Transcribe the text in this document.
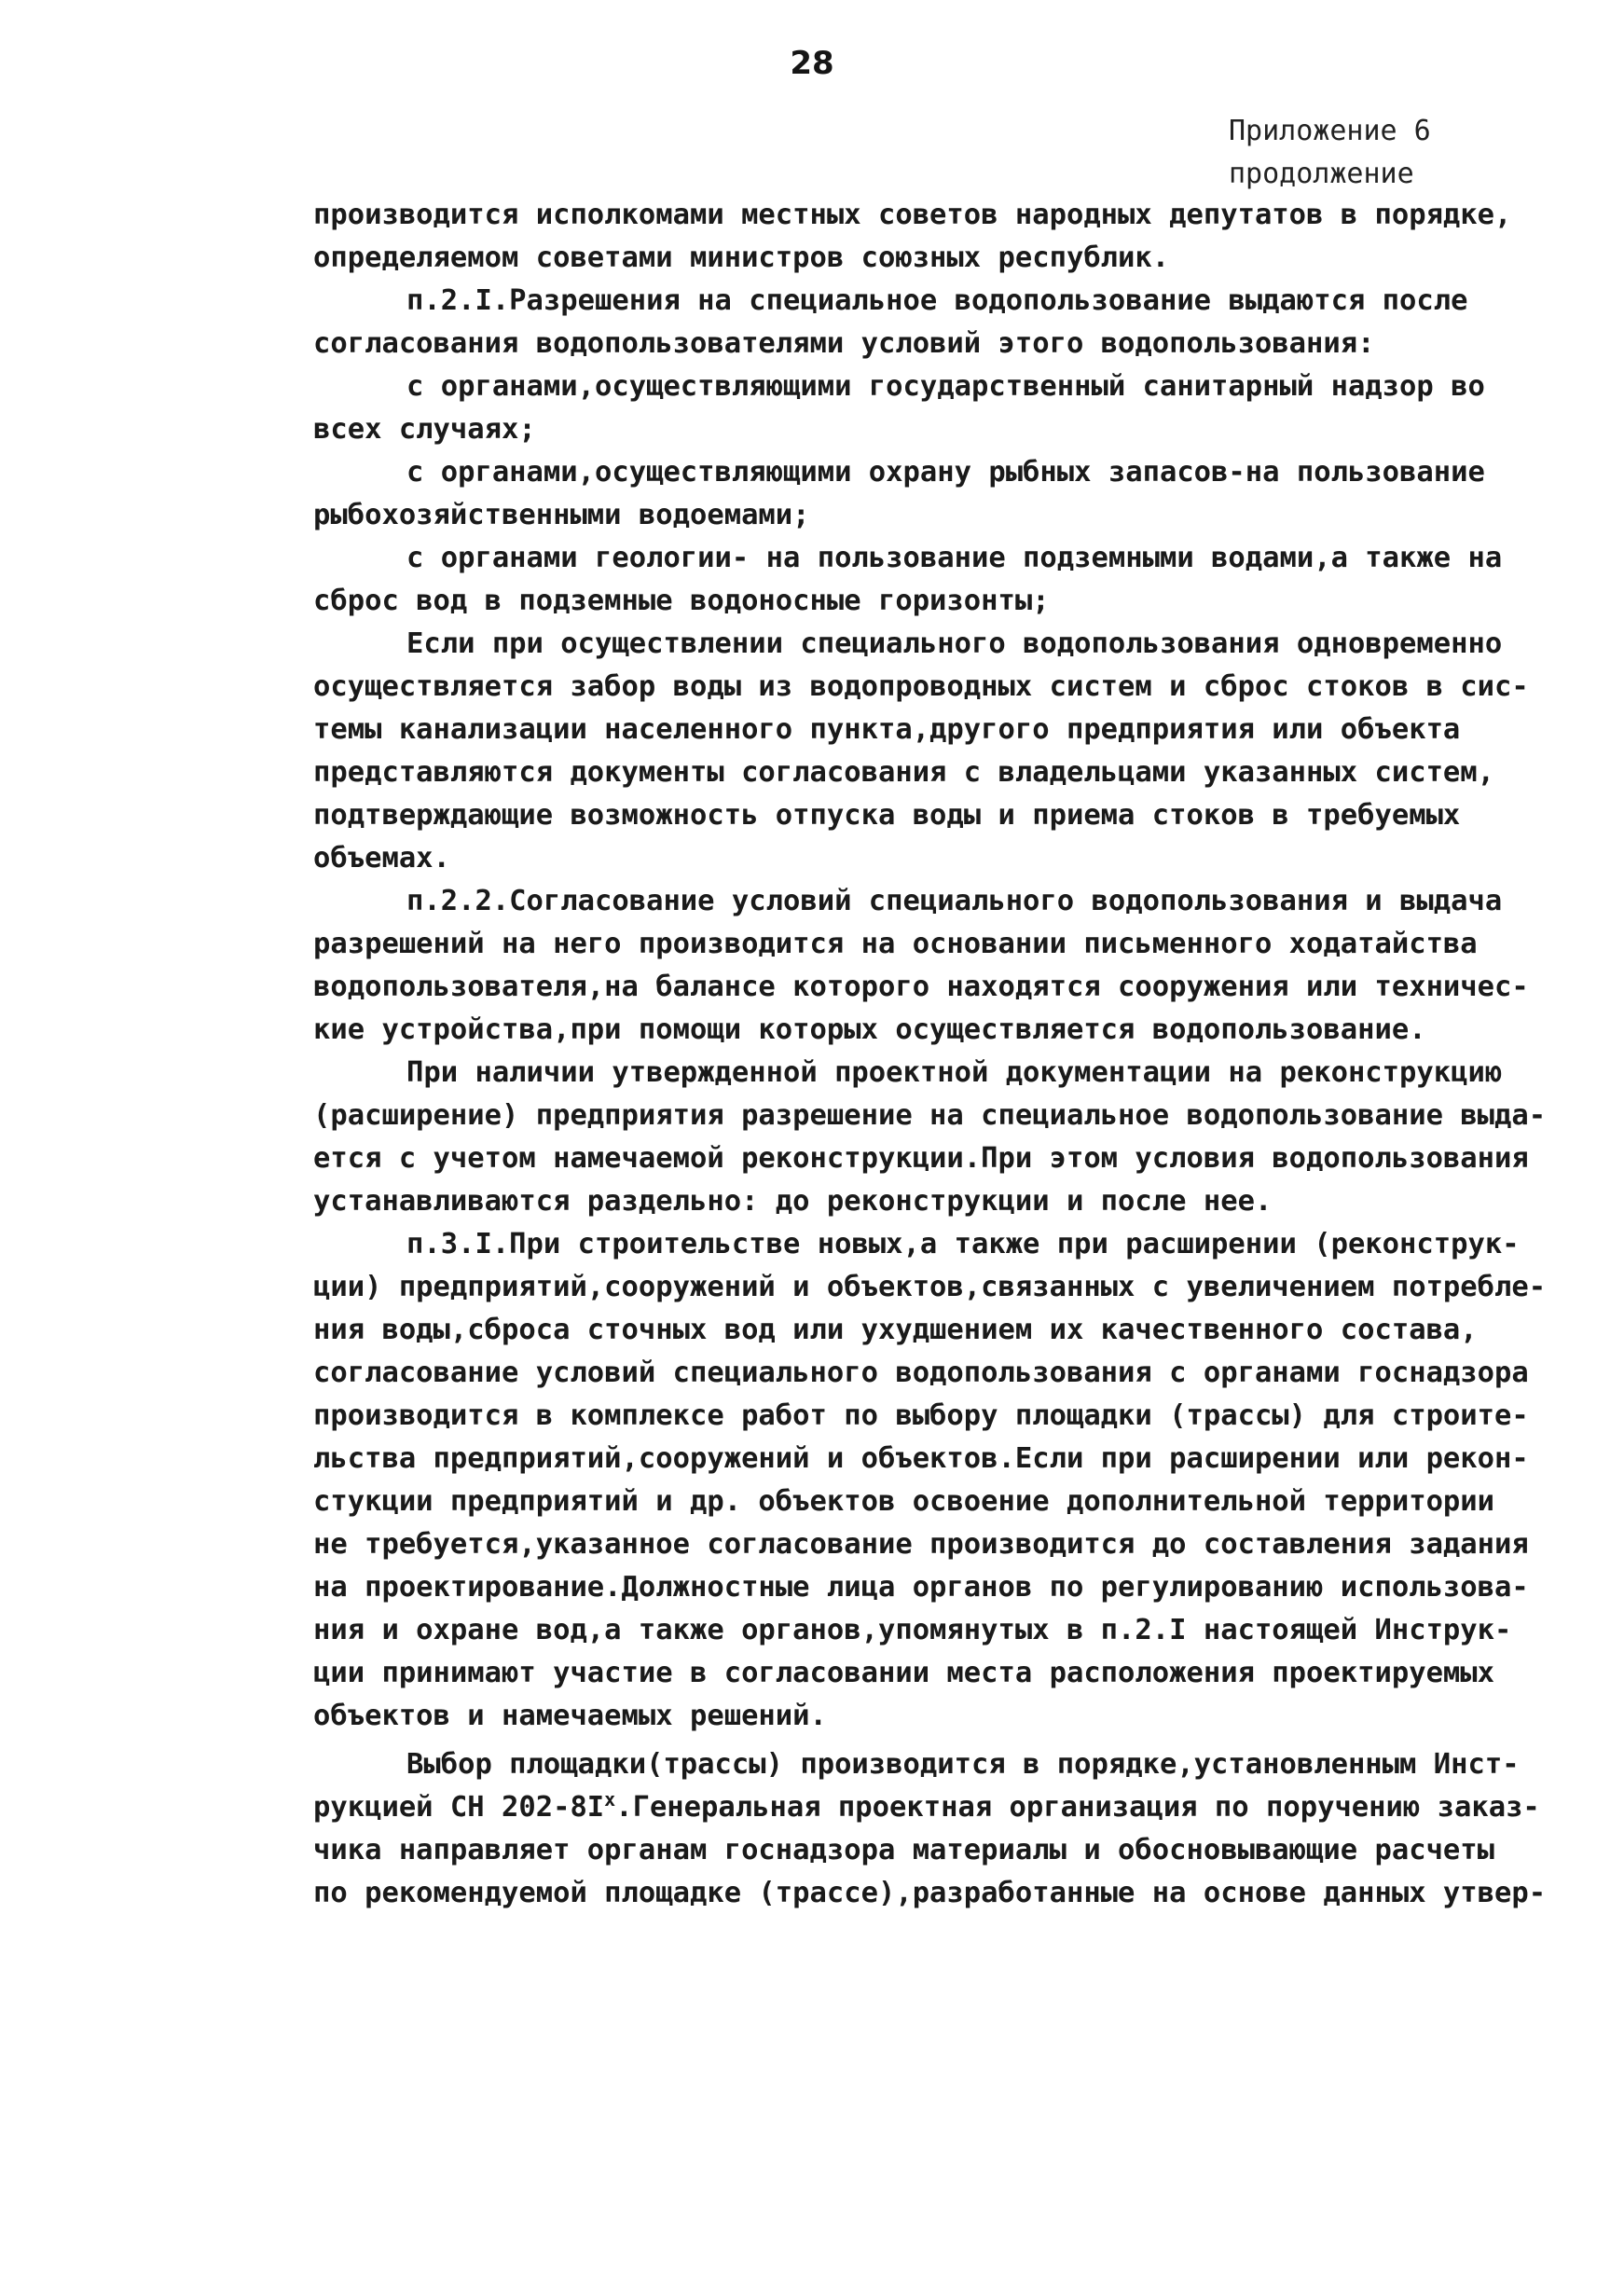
28
Приложение 6
продолжение
производится исполкомами местных советов народных депутатов в порядке,
определяемом советами министров союзных республик.
п.2.I.Разрешения на специальное водопользование выдаются после
согласования водопользователями условий этого водопользования:
с органами,осуществляющими государственный санитарный надзор во
всех случаях;
с органами,осуществляющими охрану рыбных запасов-на пользование
рыбохозяйственными водоемами;
с органами геологии- на пользование подземными водами,а также на
сброс вод в подземные водоносные горизонты;
Если при осуществлении специального водопользования одновременно
осуществляется забор воды из водопроводных систем и сброс стоков в сис-
темы канализации населенного пункта,другого предприятия или объекта
представляются документы согласования с владельцами указанных систем,
подтверждающие возможность отпуска воды и приема стоков в требуемых
объемах.
п.2.2.Согласование условий специального водопользования и выдача
разрешений на него производится на основании письменного ходатайства
водопользователя,на балансе которого находятся сооружения или техничес-
кие устройства,при помощи которых осуществляется водопользование.
При наличии утвержденной проектной документации на реконструкцию
(расширение) предприятия разрешение на специальное водопользование выда-
ется с учетом намечаемой реконструкции.При этом условия водопользования
устанавливаются раздельно: до реконструкции и после нее.
п.3.I.При строительстве новых,а также при расширении (реконструк-
ции) предприятий,сооружений и объектов,связанных с увеличением потребле-
ния воды,сброса сточных вод или ухудшением их качественного состава,
согласование условий специального водопользования с органами госнадзора
производится в комплексе работ по выбору площадки (трассы) для строите-
льства предприятий,сооружений и объектов.Если при расширении или рекон-
стукции предприятий и др. объектов освоение дополнительной территории
не требуется,указанное согласование производится до составления задания
на проектирование.Должностные лица органов по регулированию использова-
ния и охране вод,а также органов,упомянутых в п.2.I настоящей Инструк-
ции принимают участие в согласовании места расположения проектируемых
объектов и намечаемых решений.
Выбор площадки(трассы) производится в порядке,установленным Инст-
рукцией СН $202-8I^х.Генеральная$ проектная организация по поручению заказ-
чика направляет органам госнадзора материалы и обосновывающие расчеты
по рекомендуемой площадке (трассе),разработанные на основе данных утвер-
